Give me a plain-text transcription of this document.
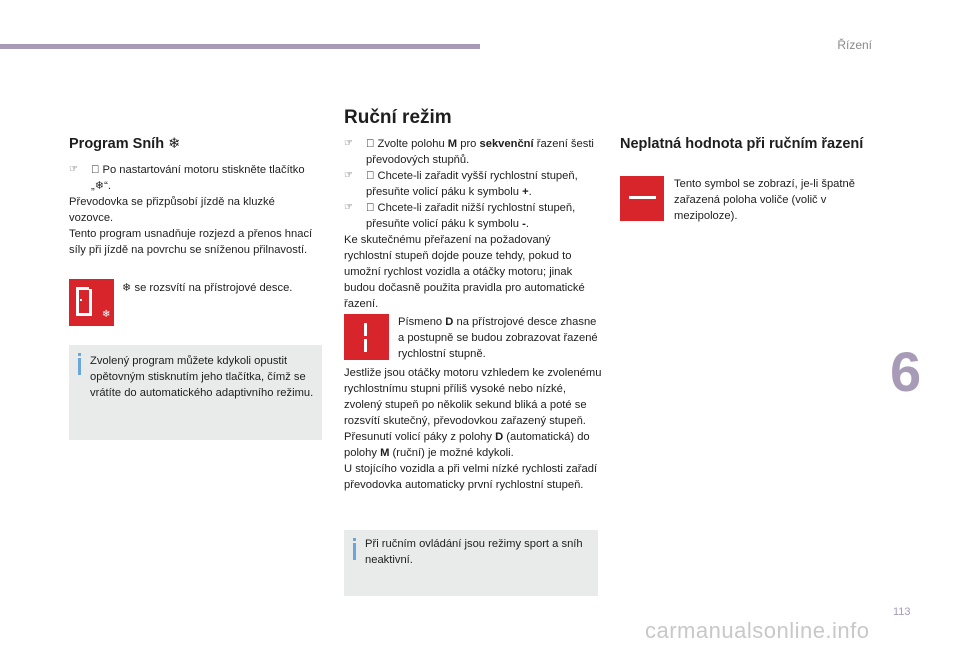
Řízení
6
113
carmanualsonline.info
Program Sníh ❄

☞ Po nastartování motoru stiskněte tlačítko „❄“.

Převodovka se přizpůsobí jízdě na kluzké vozovce.

Tento program usnadňuje rozjezd a přenos hnací síly při jízdě na povrchu se sníženou přilnavostí.

❄
❄ se rozsvítí na přístrojové desce.
Zvolený program můžete kdykoli opustit opětovným stisknutím jeho tlačítka, čímž se vrátíte do automatického adaptivního režimu.
Ruční režim

☞ Zvolte polohu M pro sekvenční řazení šesti převodových stupňů.

☞ Chcete-li zařadit vyšší rychlostní stupeň, přesuňte volicí páku k symbolu +.

☞ Chcete-li zařadit nižší rychlostní stupeň, přesuňte volicí páku k symbolu -.

Ke skutečnému přeřazení na požadovaný rychlostní stupeň dojde pouze tehdy, pokud to umožní rychlost vozidla a otáčky motoru; jinak budou dočasně použita pravidla pro automatické řazení.

Písmeno D na přístrojové desce zhasne a postupně se budou zobrazovat řazené rychlostní stupně.

Jestliže jsou otáčky motoru vzhledem ke zvolenému rychlostnímu stupni příliš vysoké nebo nízké, zvolený stupeň po několik sekund bliká a poté se rozsvítí skutečný, převodovkou zařazený stupeň.

Přesunutí volicí páky z polohy D (automatická) do polohy M (ruční) je možné kdykoli.

U stojícího vozidla a při velmi nízké rychlosti zařadí převodovka automaticky první rychlostní stupeň.

Při ručním ovládání jsou režimy sport a sníh neaktivní.
Neplatná hodnota při ručním řazení
Tento symbol se zobrazí, je-li špatně zařazená poloha voliče (volič v mezipoloze).
